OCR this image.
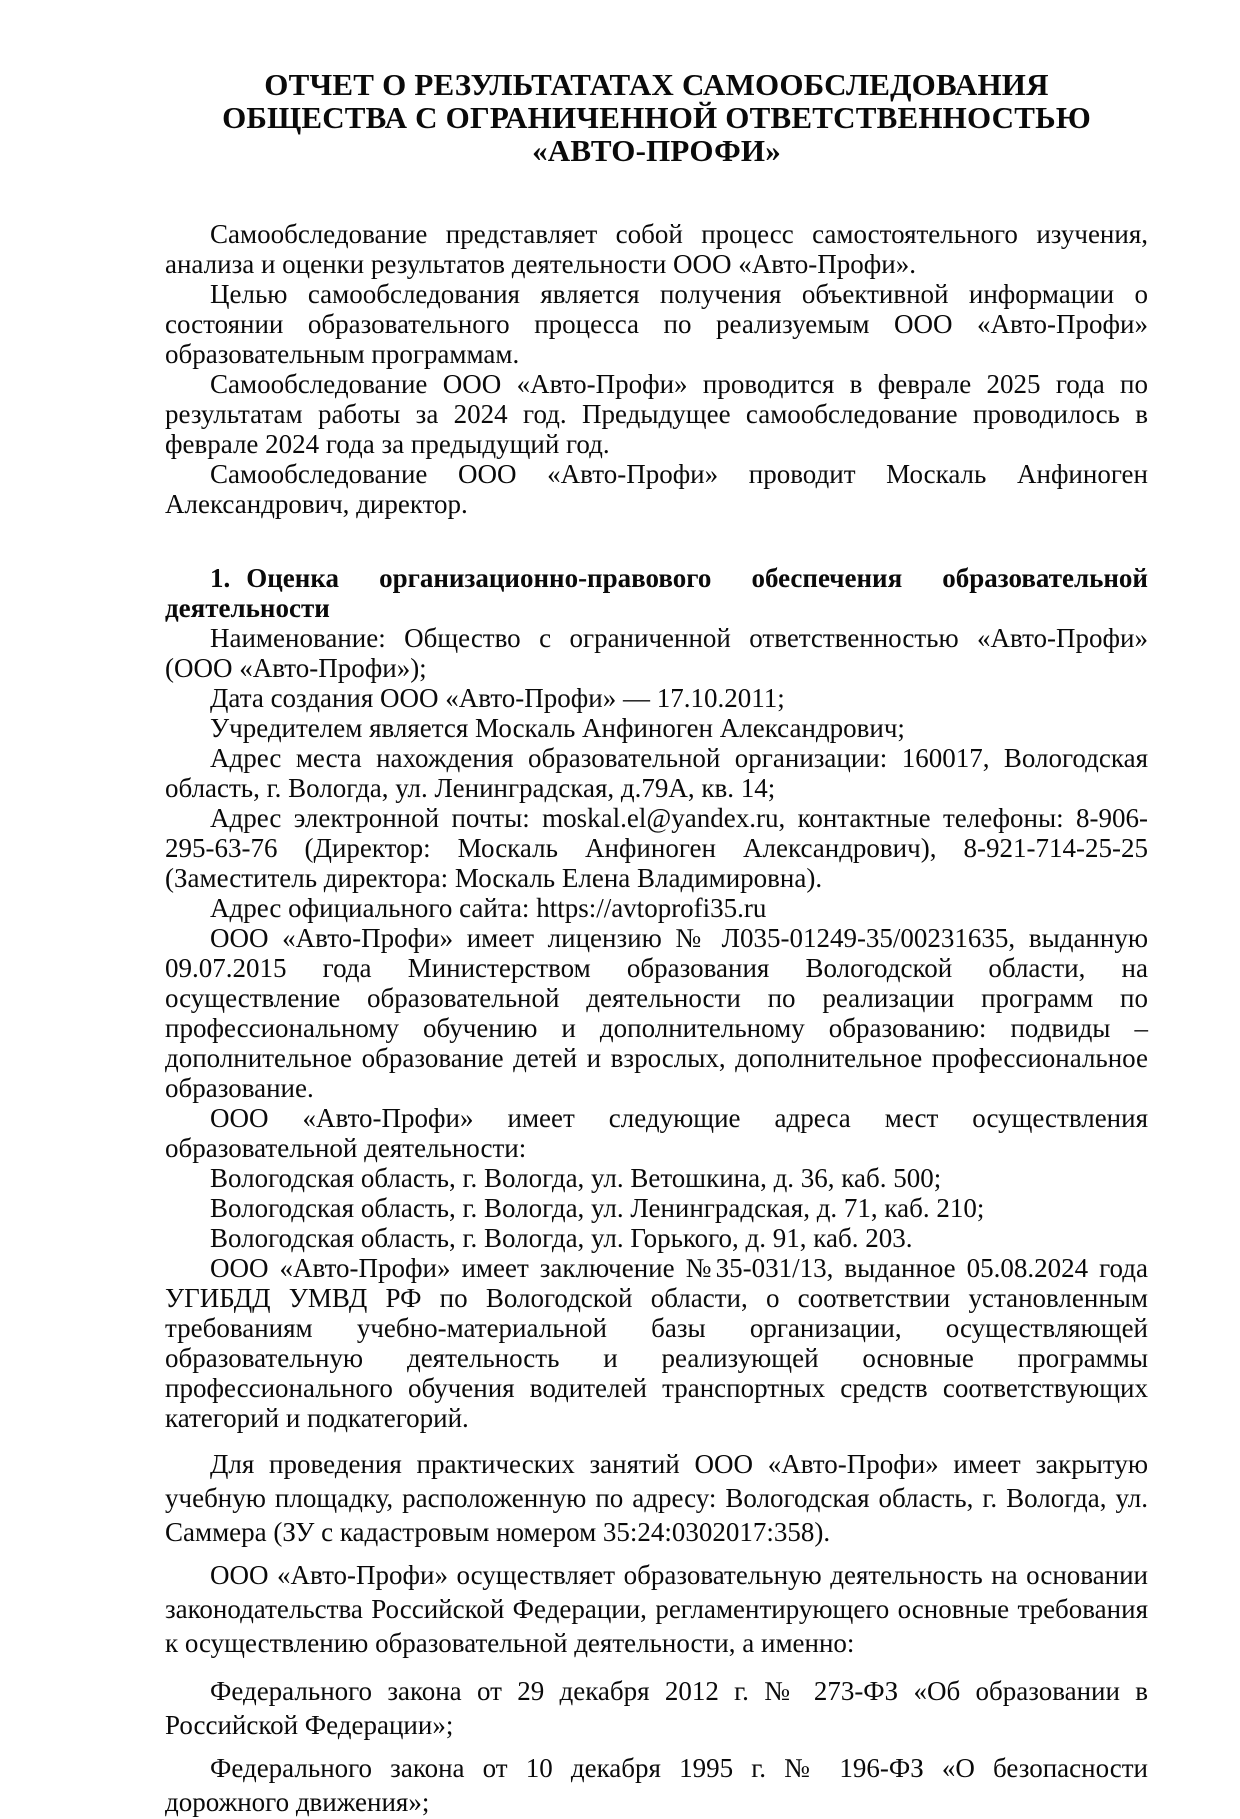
ОТЧЕТ О РЕЗУЛЬТАТАТАХ САМООБСЛЕДОВАНИЯ
ОБЩЕСТВА С ОГРАНИЧЕННОЙ ОТВЕТСТВЕННОСТЬЮ
«АВТО-ПРОФИ»

Самообследование представляет собой процесс самостоятельного изучения, анализа и оценки результатов деятельности ООО «Авто-Профи».

Целью самообследования является получения объективной информации о состоянии образовательного процесса по реализуемым ООО «Авто-Профи» образовательным программам.

Самообследование ООО «Авто-Профи» проводится в феврале 2025 года по результатам работы за 2024 год. Предыдущее самообследование проводилось в феврале 2024 года за предыдущий год.

Самообследование ООО «Авто-Профи» проводит Москаль Анфиноген Александрович, директор.

1. Оценка организационно-правового обеспечения образовательной деятельности

Наименование: Общество с ограниченной ответственностью «Авто-Профи» (ООО «Авто-Профи»);

Дата создания ООО «Авто-Профи» — 17.10.2011;

Учредителем является Москаль Анфиноген Александрович;

Адрес места нахождения образовательной организации: 160017, Вологодская область, г. Вологда, ул. Ленинградская, д.79А, кв. 14;

Адрес электронной почты: moskal.el@yandex.ru, контактные телефоны: 8-906-295-63-76 (Директор: Москаль Анфиноген Александрович), 8-921-714-25-25 (Заместитель директора: Москаль Елена Владимировна).

Адрес официального сайта: https://avtoprofi35.ru

ООО «Авто-Профи» имеет лицензию № Л035-01249-35/00231635, выданную 09.07.2015 года Министерством образования Вологодской области, на осуществление образовательной деятельности по реализации программ по профессиональному обучению и дополнительному образованию: подвиды – дополнительное образование детей и взрослых, дополнительное профессиональное образование.

ООО «Авто-Профи» имеет следующие адреса мест осуществления образовательной деятельности:

Вологодская область, г. Вологда, ул. Ветошкина, д. 36, каб. 500;

Вологодская область, г. Вологда, ул. Ленинградская, д. 71, каб. 210;

Вологодская область, г. Вологда, ул. Горького, д. 91, каб. 203.

ООО «Авто-Профи» имеет заключение №35-031/13, выданное 05.08.2024 года УГИБДД УМВД РФ по Вологодской области, о соответствии установленным требованиям учебно-материальной базы организации, осуществляющей образовательную деятельность и реализующей основные программы профессионального обучения водителей транспортных средств соответствующих категорий и подкатегорий.

Для проведения практических занятий ООО «Авто-Профи» имеет закрытую учебную площадку, расположенную по адресу: Вологодская область, г. Вологда, ул. Саммера (ЗУ с кадастровым номером 35:24:0302017:358).

ООО «Авто-Профи» осуществляет образовательную деятельность на основании законодательства Российской Федерации, регламентирующего основные требования к осуществлению образовательной деятельности, а именно:

Федерального закона от 29 декабря 2012 г. № 273-ФЗ «Об образовании в Российской Федерации»;

Федерального закона от 10 декабря 1995 г. № 196-ФЗ «О безопасности дорожного движения»;
